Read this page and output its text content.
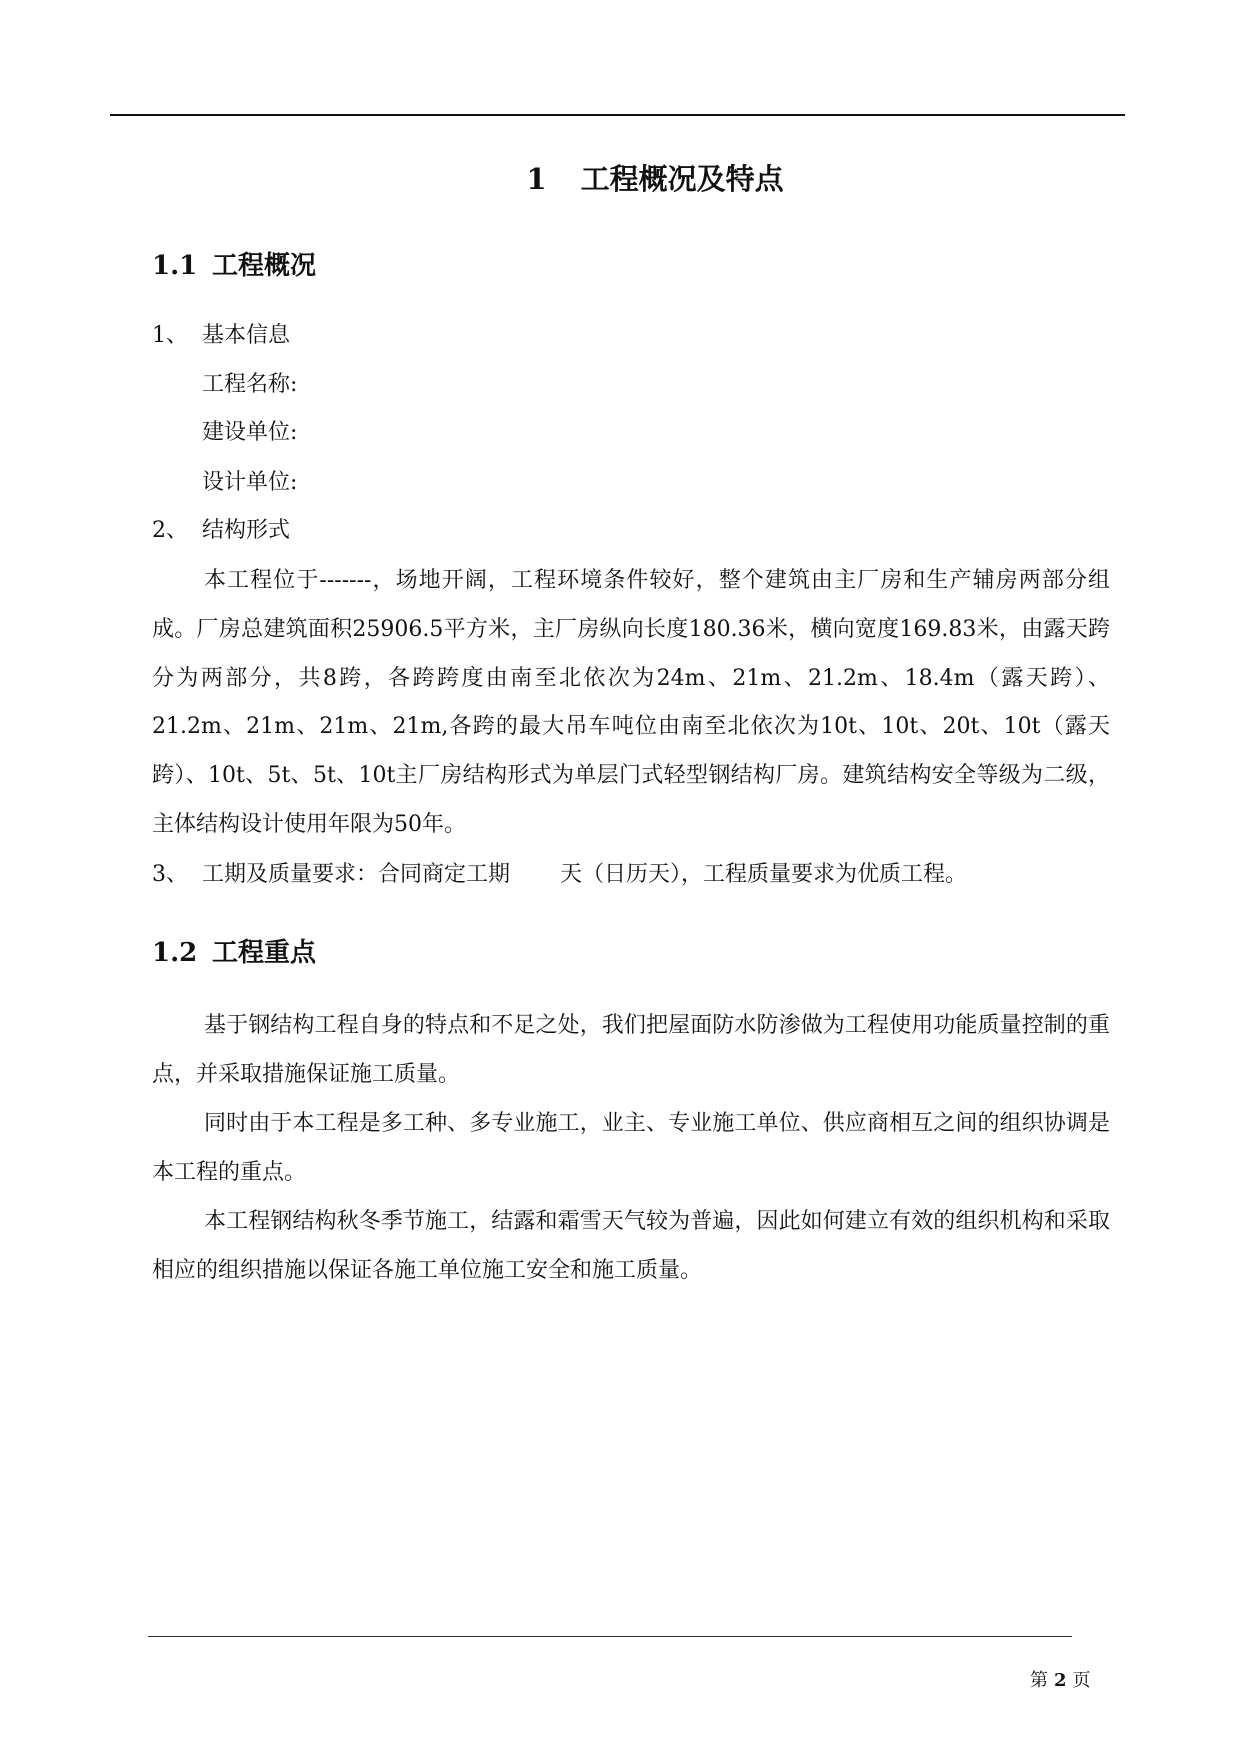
1 工程概况及特点
1.1 工程概况
1、 基本信息
工程名称:
建设单位:
设计单位:
2、 结构形式
本工程位于-------，场地开阔，工程环境条件较好，整个建筑由主厂房和生产辅房两部分组成。厂房总建筑面积25906.5平方米，主厂房纵向长度180.36米，横向宽度169.83米，由露天跨分为两部分，共8跨，各跨跨度由南至北依次为24m、21m、21.2m、18.4m（露天跨）、21.2m、21m、21m、21m,各跨的最大吊车吨位由南至北依次为10t、10t、20t、10t（露天跨）、10t、5t、5t、10t主厂房结构形式为单层门式轻型钢结构厂房。建筑结构安全等级为二级，主体结构设计使用年限为50年。
3、 工期及质量要求：合同商定工期 天（日历天），工程质量要求为优质工程。
1.2 工程重点
基于钢结构工程自身的特点和不足之处，我们把屋面防水防渗做为工程使用功能质量控制的重点，并采取措施保证施工质量。
同时由于本工程是多工种、多专业施工，业主、专业施工单位、供应商相互之间的组织协调是本工程的重点。
本工程钢结构秋冬季节施工，结露和霜雪天气较为普遍，因此如何建立有效的组织机构和采取相应的组织措施以保证各施工单位施工安全和施工质量。
第 2 页
